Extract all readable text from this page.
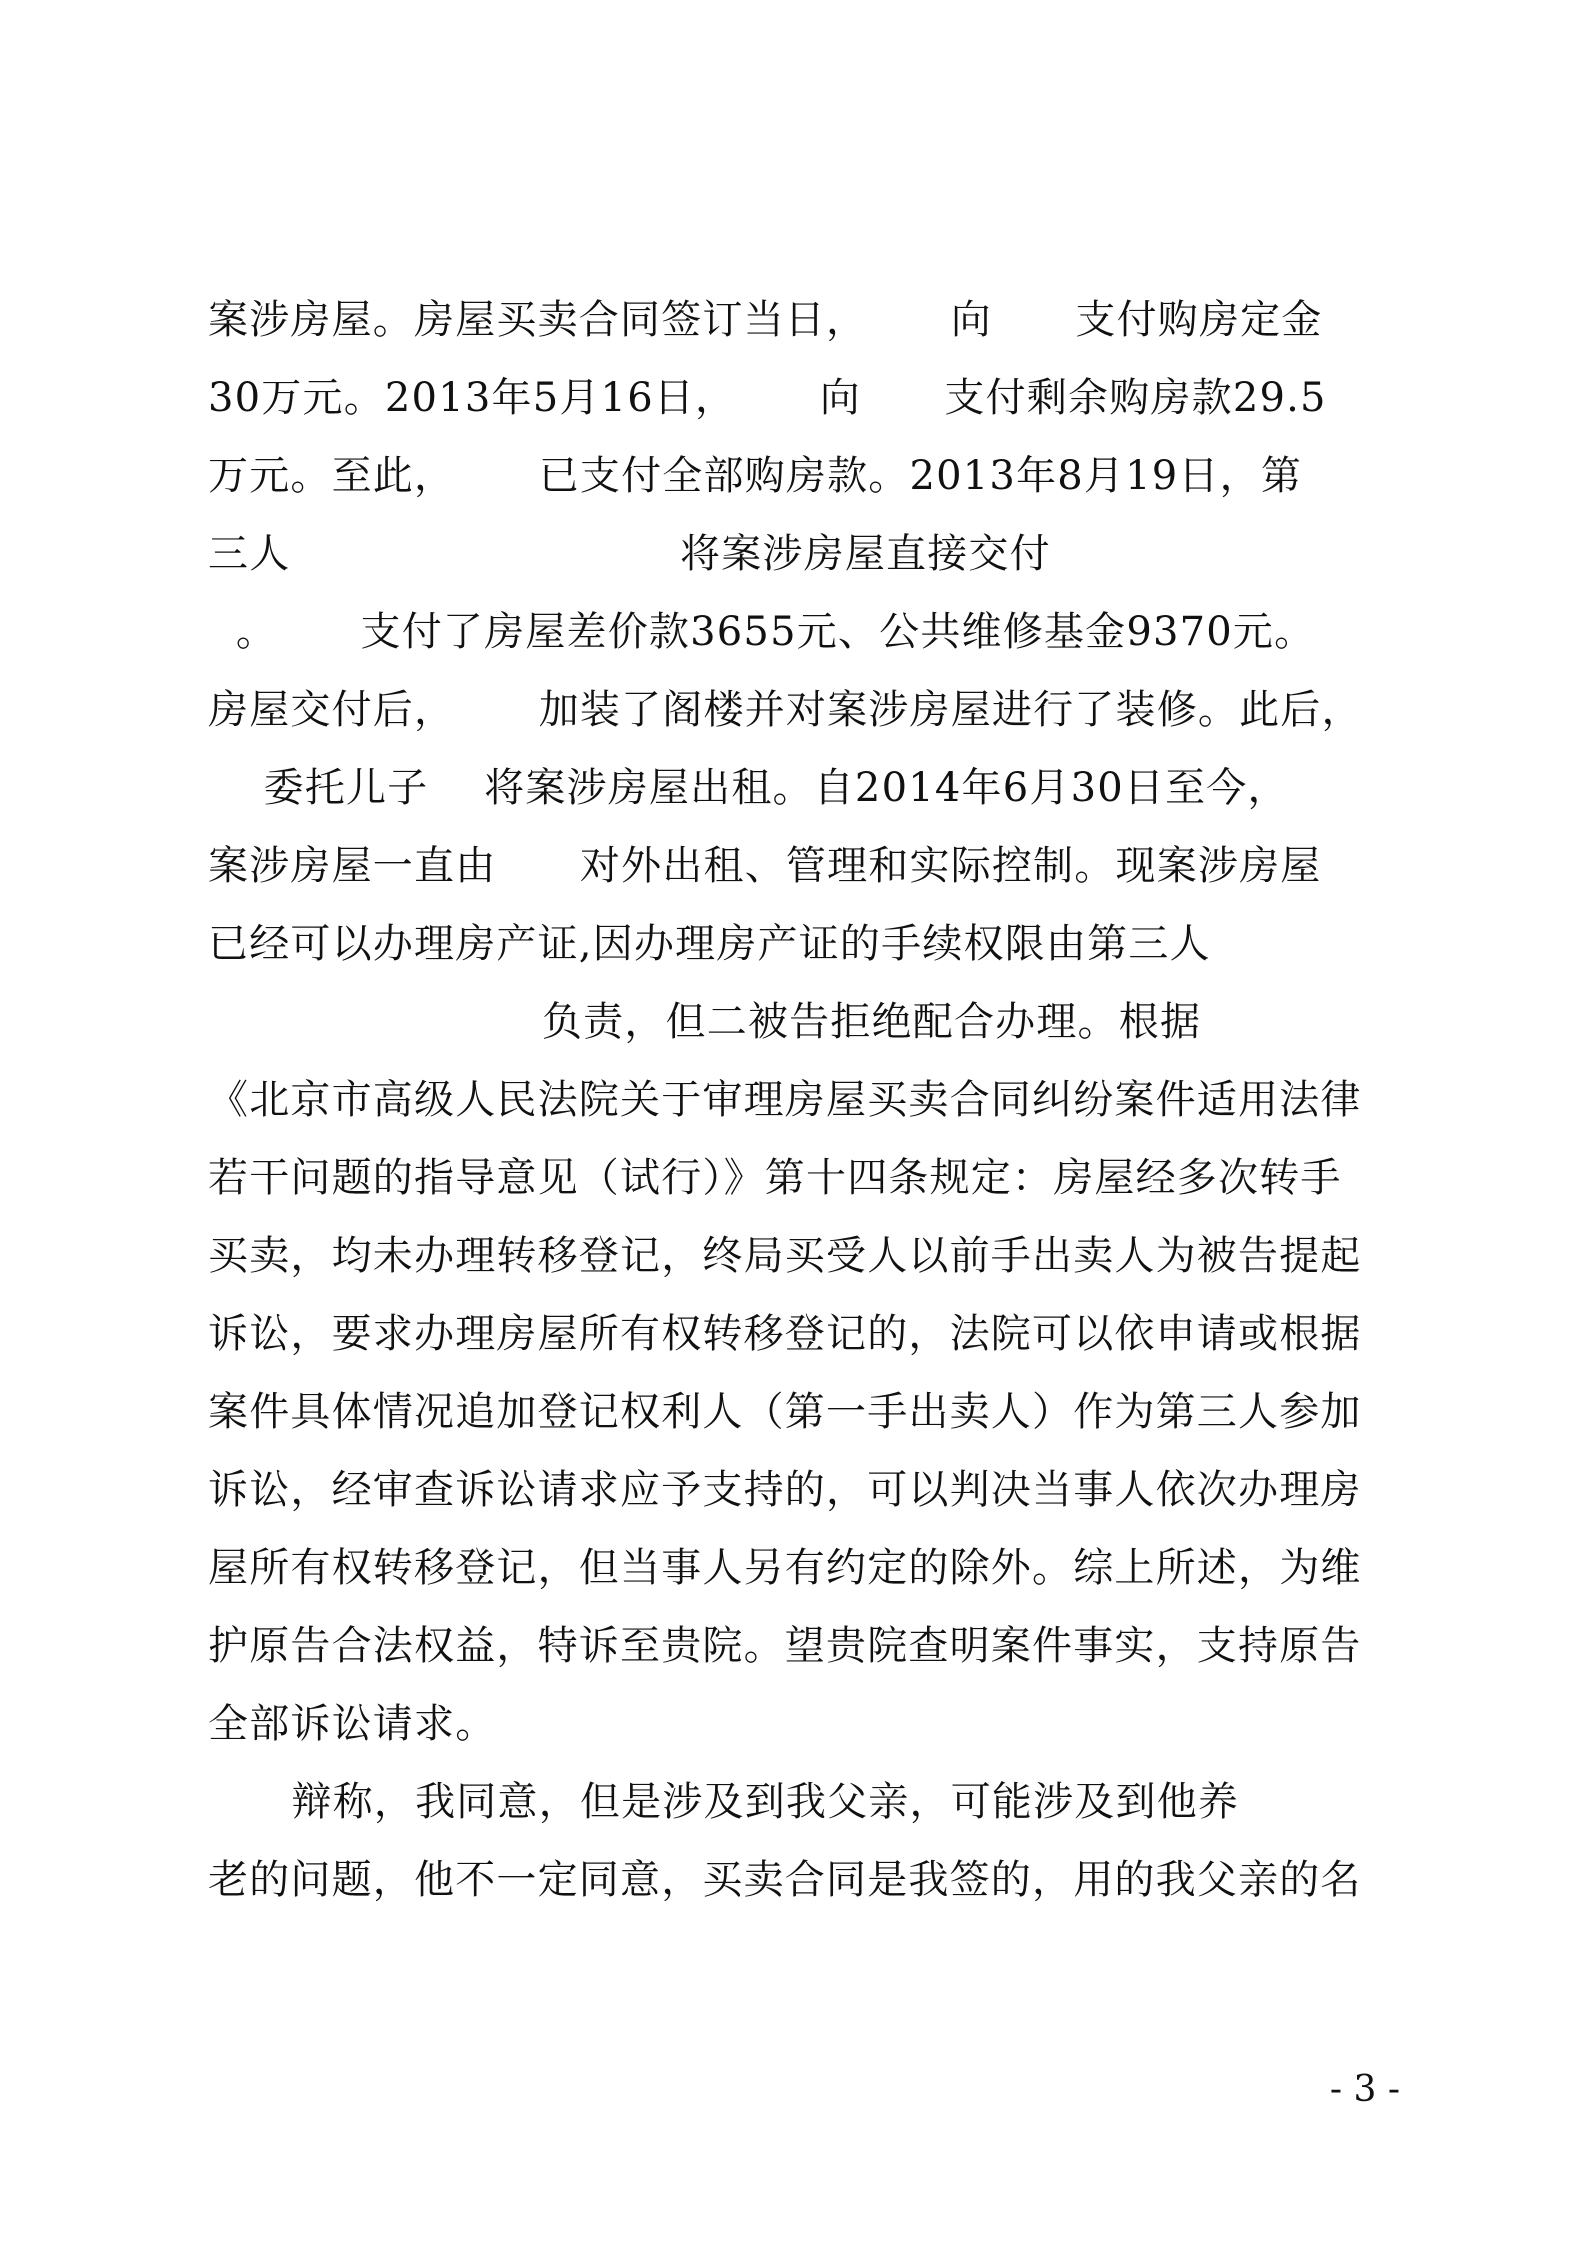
案涉房屋。房屋买卖合同签订当日，      向      支付购房定金
30万元。2013年5月16日，      向      支付剩余购房款29.5
万元。至此，      已支付全部购房款。2013年8月19日，第
三人                            将案涉房屋直接交付
。      支付了房屋差价款3655元、公共维修基金9370元。
房屋交付后，      加装了阁楼并对案涉房屋进行了装修。此后，
委托儿子    将案涉房屋出租。自2014年6月30日至今，
案涉房屋一直由      对外出租、管理和实际控制。现案涉房屋
已经可以办理房产证,因办理房产证的手续权限由第三人
负责，但二被告拒绝配合办理。根据
《北京市高级人民法院关于审理房屋买卖合同纠纷案件适用法律
若干问题的指导意见（试行）》第十四条规定：房屋经多次转手
买卖，均未办理转移登记，终局买受人以前手出卖人为被告提起
诉讼，要求办理房屋所有权转移登记的，法院可以依申请或根据
案件具体情况追加登记权利人（第一手出卖人）作为第三人参加
诉讼，经审查诉讼请求应予支持的，可以判决当事人依次办理房
屋所有权转移登记，但当事人另有约定的除外。综上所述，为维
护原告合法权益，特诉至贵院。望贵院查明案件事实，支持原告
全部诉讼请求。
辩称，我同意，但是涉及到我父亲，可能涉及到他养
老的问题，他不一定同意，买卖合同是我签的，用的我父亲的名
- 3 -
